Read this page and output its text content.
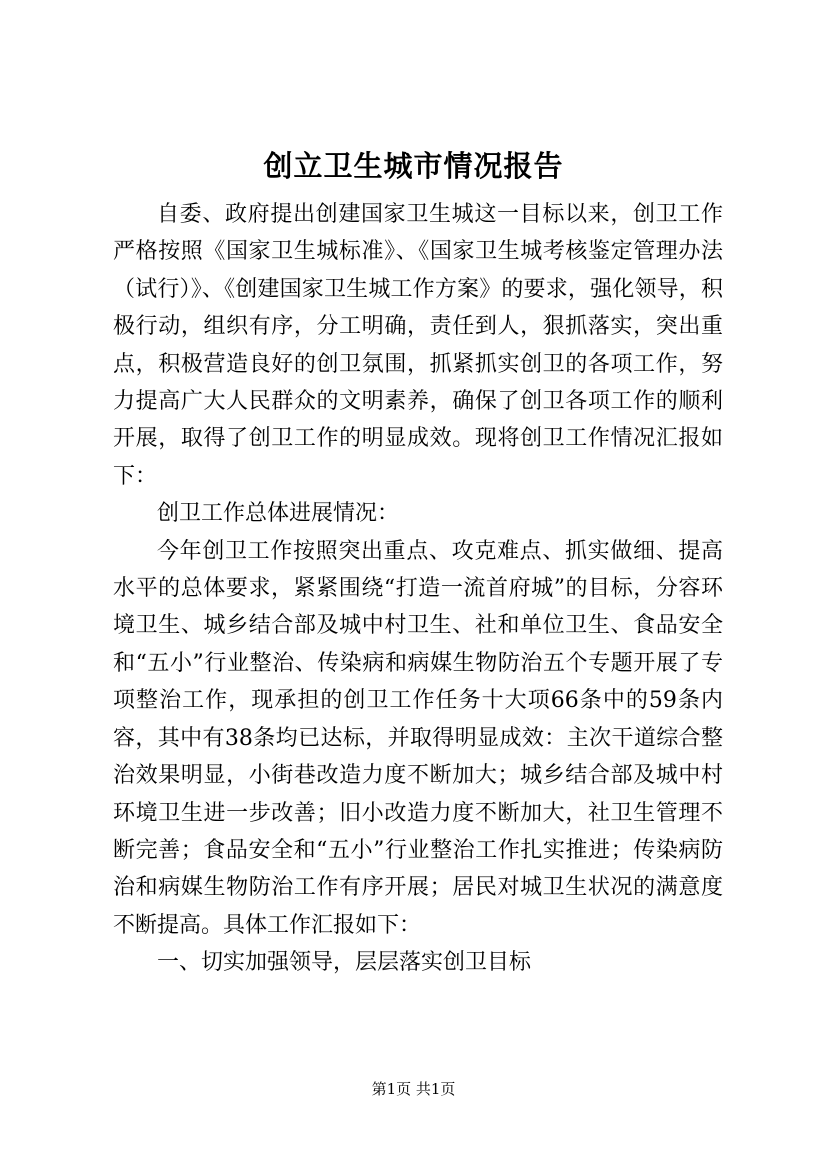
创立卫生城市情况报告

自委、政府提出创建国家卫生城这一目标以来，创卫工作严格按照《国家卫生城标准》、《国家卫生城考核鉴定管理办法（试行）》、《创建国家卫生城工作方案》的要求，强化领导，积极行动，组织有序，分工明确，责任到人，狠抓落实，突出重点，积极营造良好的创卫氛围，抓紧抓实创卫的各项工作，努力提高广大人民群众的文明素养，确保了创卫各项工作的顺利开展，取得了创卫工作的明显成效。现将创卫工作情况汇报如下：

创卫工作总体进展情况：

今年创卫工作按照突出重点、攻克难点、抓实做细、提高水平的总体要求，紧紧围绕“打造一流首府城”的目标，分容环境卫生、城乡结合部及城中村卫生、社和单位卫生、食品安全和“五小”行业整治、传染病和病媒生物防治五个专题开展了专项整治工作，现承担的创卫工作任务十大项66条中的59条内容，其中有38条均已达标，并取得明显成效：主次干道综合整治效果明显，小街巷改造力度不断加大；城乡结合部及城中村环境卫生进一步改善；旧小改造力度不断加大，社卫生管理不断完善；食品安全和“五小”行业整治工作扎实推进；传染病防治和病媒生物防治工作有序开展；居民对城卫生状况的满意度不断提高。具体工作汇报如下：

一、切实加强领导，层层落实创卫目标

第1页 共1页
